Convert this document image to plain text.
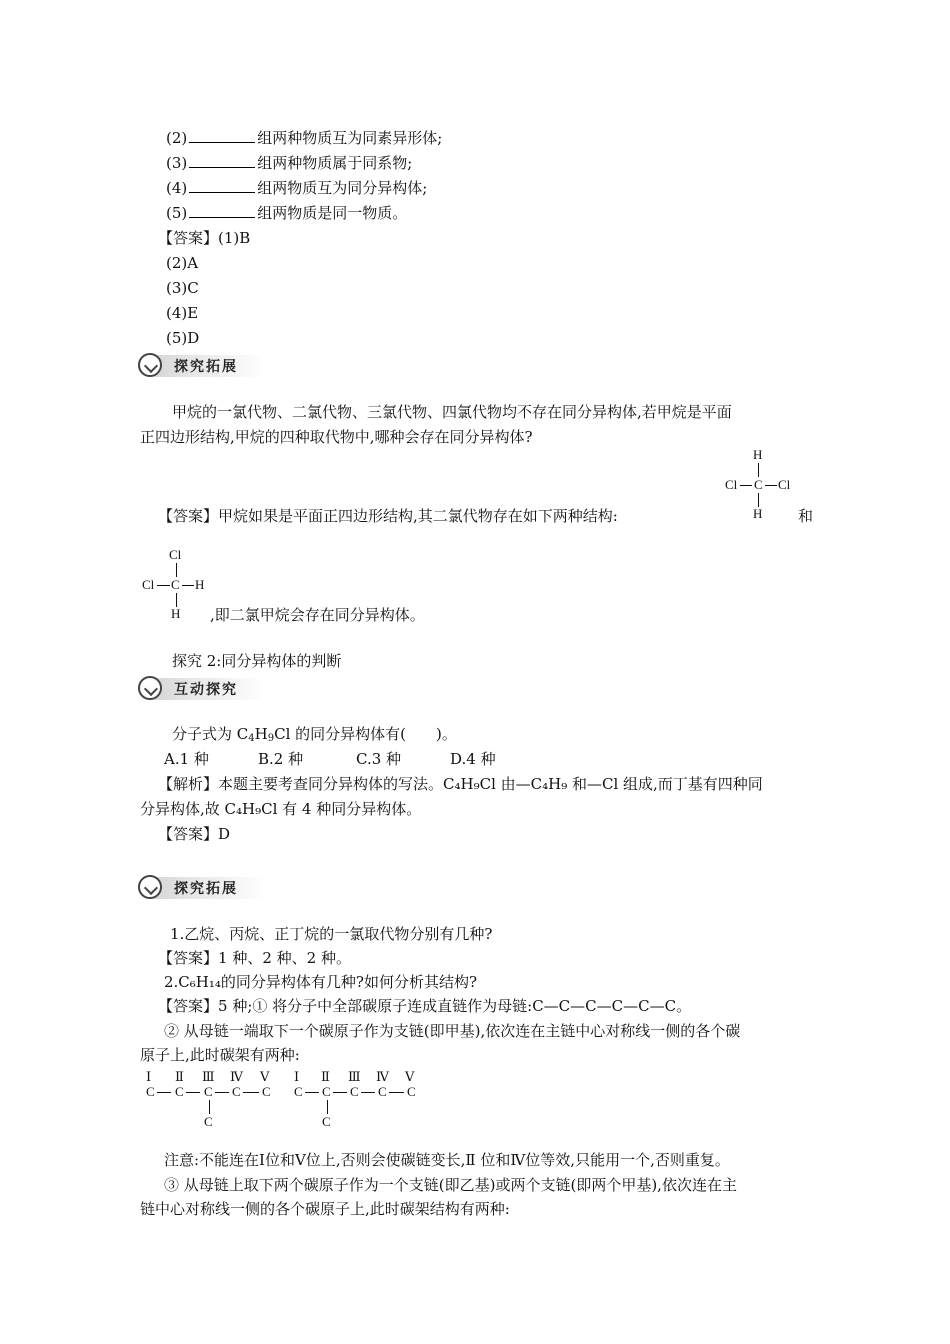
(2)	组两种物质互为同素异形体;
(3)	组两种物质属于同系物;
(4)	组两物质互为同分异构体;
(5)	组两物质是同一物质。
【答案】(1)B
(2)A
(3)C
(4)E
(5)D
探究拓展
甲烷的一氯代物、二氯代物、三氯代物、四氯代物均不存在同分异构体,若甲烷是平面
正四边形结构,甲烷的四种取代物中,哪种会存在同分异构体?
H
Cl C Cl
H
【答案】甲烷如果是平面正四边形结构,其二氯代物存在如下两种结构:	和
Cl
Cl C H
H ,即二氯甲烷会存在同分异构体。
探究 2:同分异构体的判断
互动探究
分子式为 $C_4H_9Cl$ 的同分异构体有(　　)。
A.1 种	B.2 种	C.3 种	D.4 种
【解析】本题主要考查同分异构体的写法。C₄H₉Cl 由—C₄H₉ 和—Cl 组成,而丁基有四种同
分异构体,故 C₄H₉Cl 有 4 种同分异构体。
【答案】D
探究拓展
1.乙烷、丙烷、正丁烷的一氯取代物分别有几种?
【答案】1 种、2 种、2 种。
2.C₆H₁₄的同分异构体有几种?如何分析其结构?
【答案】5 种;① 将分子中全部碳原子连成直链作为母链:C—C—C—C—C—C。
② 从母链一端取下一个碳原子作为支链(即甲基),依次连在主链中心对称线一侧的各个碳
原子上,此时碳架有两种:
Ⅰ Ⅱ Ⅲ Ⅳ Ⅴ
C C C C C
C
Ⅰ Ⅱ Ⅲ Ⅳ Ⅴ
C C C C C
C
注意:不能连在Ⅰ位和Ⅴ位上,否则会使碳链变长,Ⅱ 位和Ⅳ位等效,只能用一个,否则重复。
③ 从母链上取下两个碳原子作为一个支链(即乙基)或两个支链(即两个甲基),依次连在主
链中心对称线一侧的各个碳原子上,此时碳架结构有两种:
